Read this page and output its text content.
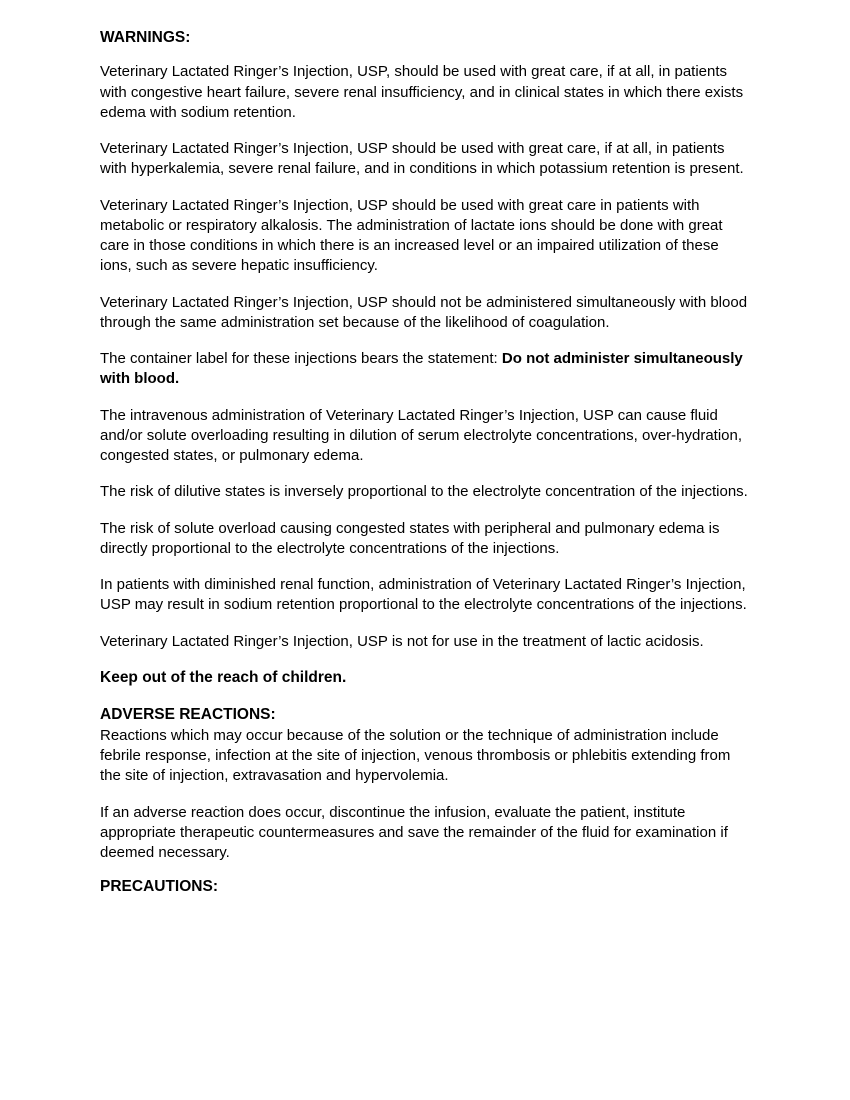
WARNINGS:

Veterinary Lactated Ringer’s Injection, USP, should be used with great care, if at all, in patients with congestive heart failure, severe renal insufficiency, and in clinical states in which there exists edema with sodium retention.

Veterinary Lactated Ringer’s Injection, USP should be used with great care, if at all, in patients with hyperkalemia, severe renal failure, and in conditions in which potassium retention is present.

Veterinary Lactated Ringer’s Injection, USP should be used with great care in patients with metabolic or respiratory alkalosis. The administration of lactate ions should be done with great care in those conditions in which there is an increased level or an impaired utilization of these ions, such as severe hepatic insufficiency.

Veterinary Lactated Ringer’s Injection, USP should not be administered simultaneously with blood through the same administration set because of the likelihood of coagulation.

The container label for these injections bears the statement: Do not administer simultaneously with blood.

The intravenous administration of Veterinary Lactated Ringer’s Injection, USP can cause fluid and/or solute overloading resulting in dilution of serum electrolyte concentrations, over-hydration, congested states, or pulmonary edema.

The risk of dilutive states is inversely proportional to the electrolyte concentration of the injections.

The risk of solute overload causing congested states with peripheral and pulmonary edema is directly proportional to the electrolyte concentrations of the injections.

In patients with diminished renal function, administration of Veterinary Lactated Ringer’s Injection, USP may result in sodium retention proportional to the electrolyte concentrations of the injections.

Veterinary Lactated Ringer’s Injection, USP is not for use in the treatment of lactic acidosis.

Keep out of the reach of children.

ADVERSE REACTIONS:

Reactions which may occur because of the solution or the technique of administration include febrile response, infection at the site of injection, venous thrombosis or phlebitis extending from the site of injection, extravasation and hypervolemia.

If an adverse reaction does occur, discontinue the infusion, evaluate the patient, institute appropriate therapeutic countermeasures and save the remainder of the fluid for examination if deemed necessary.

PRECAUTIONS:
